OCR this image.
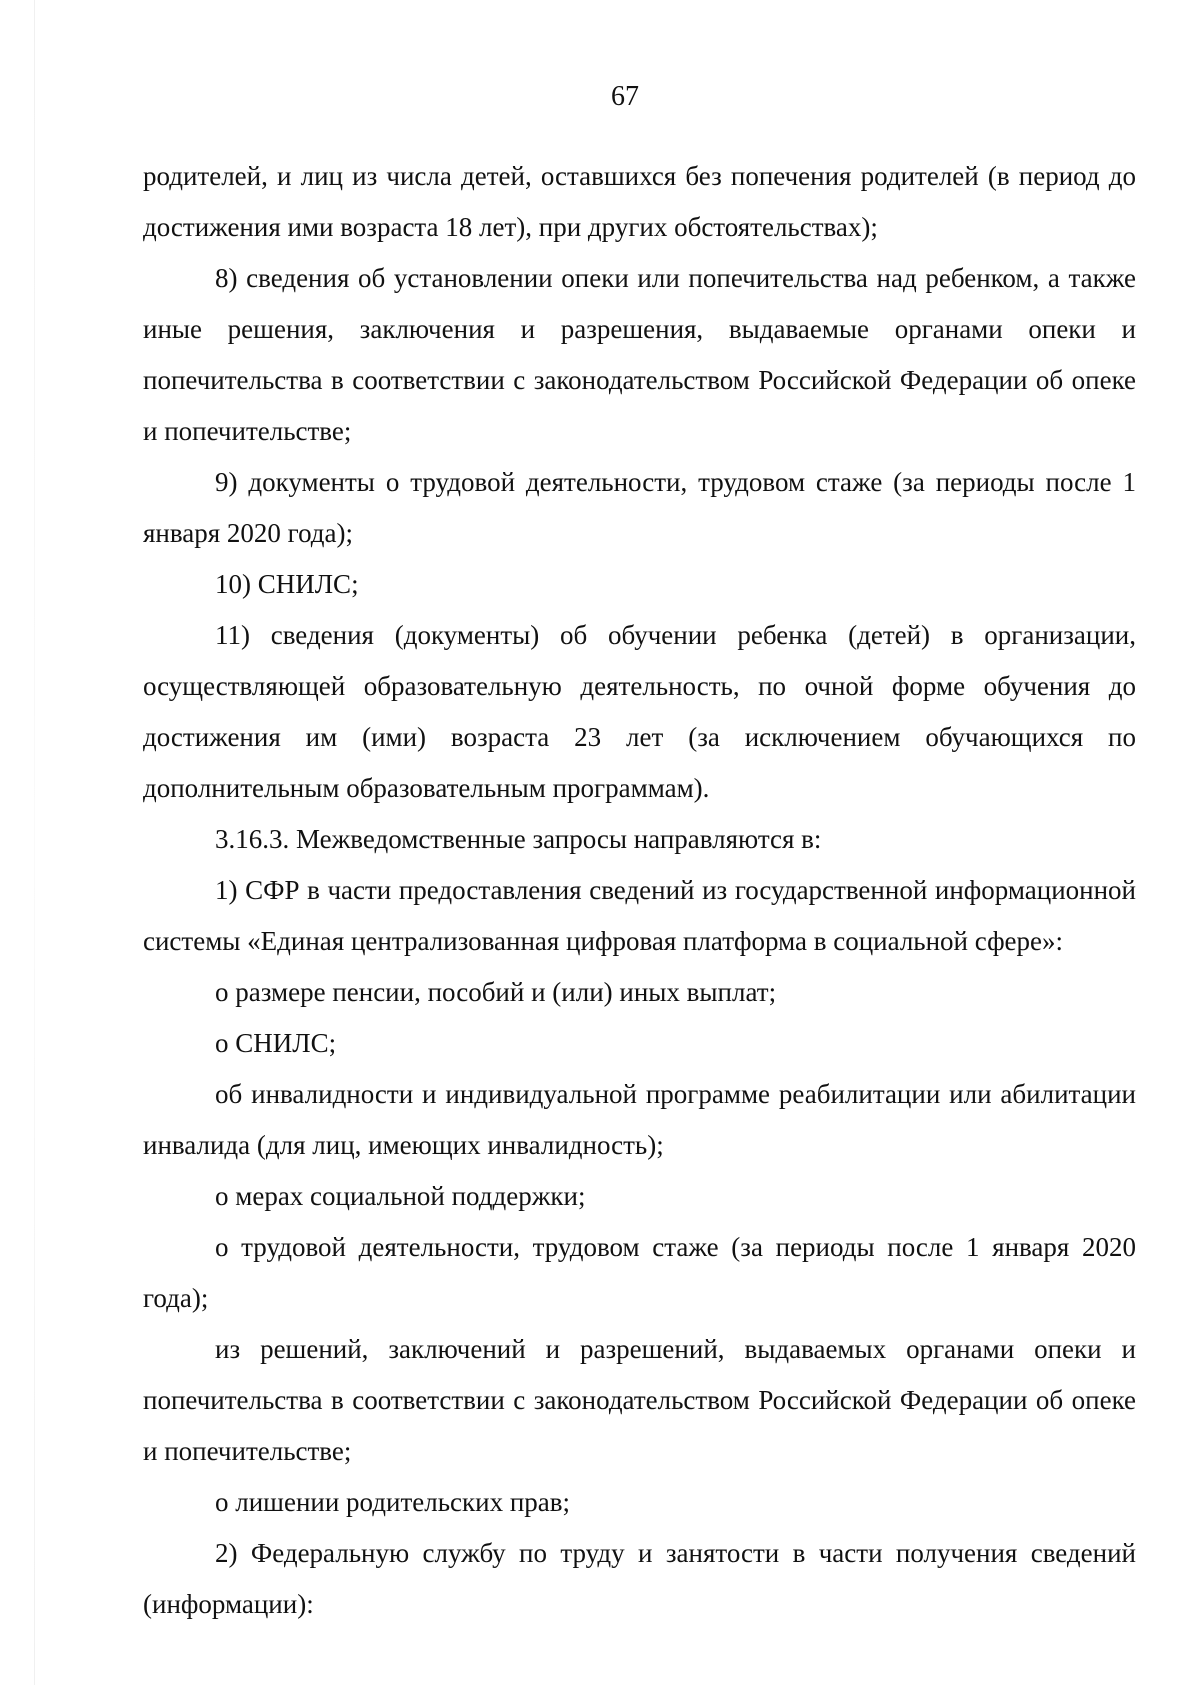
67

родителей, и лиц из числа детей, оставшихся без попечения родителей (в период до достижения ими возраста 18 лет), при других обстоятельствах);

8) сведения об установлении опеки или попечительства над ребенком, а также иные решения, заключения и разрешения, выдаваемые органами опеки и попечительства в соответствии с законодательством Российской Федерации об опеке и попечительстве;

9) документы о трудовой деятельности, трудовом стаже (за периоды после 1 января 2020 года);

10) СНИЛС;

11) сведения (документы) об обучении ребенка (детей) в организации, осуществляющей образовательную деятельность, по очной форме обучения до достижения им (ими) возраста 23 лет (за исключением обучающихся по дополнительным образовательным программам).

3.16.3. Межведомственные запросы направляются в:

1) СФР в части предоставления сведений из государственной информационной системы «Единая централизованная цифровая платформа в социальной сфере»:

о размере пенсии, пособий и (или) иных выплат;

о СНИЛС;

об инвалидности и индивидуальной программе реабилитации или абилитации инвалида (для лиц, имеющих инвалидность);

о мерах социальной поддержки;

о трудовой деятельности, трудовом стаже (за периоды после 1 января 2020 года);

из решений, заключений и разрешений, выдаваемых органами опеки и попечительства в соответствии с законодательством Российской Федерации об опеке и попечительстве;

о лишении родительских прав;

2) Федеральную службу по труду и занятости в части получения сведений (информации):
